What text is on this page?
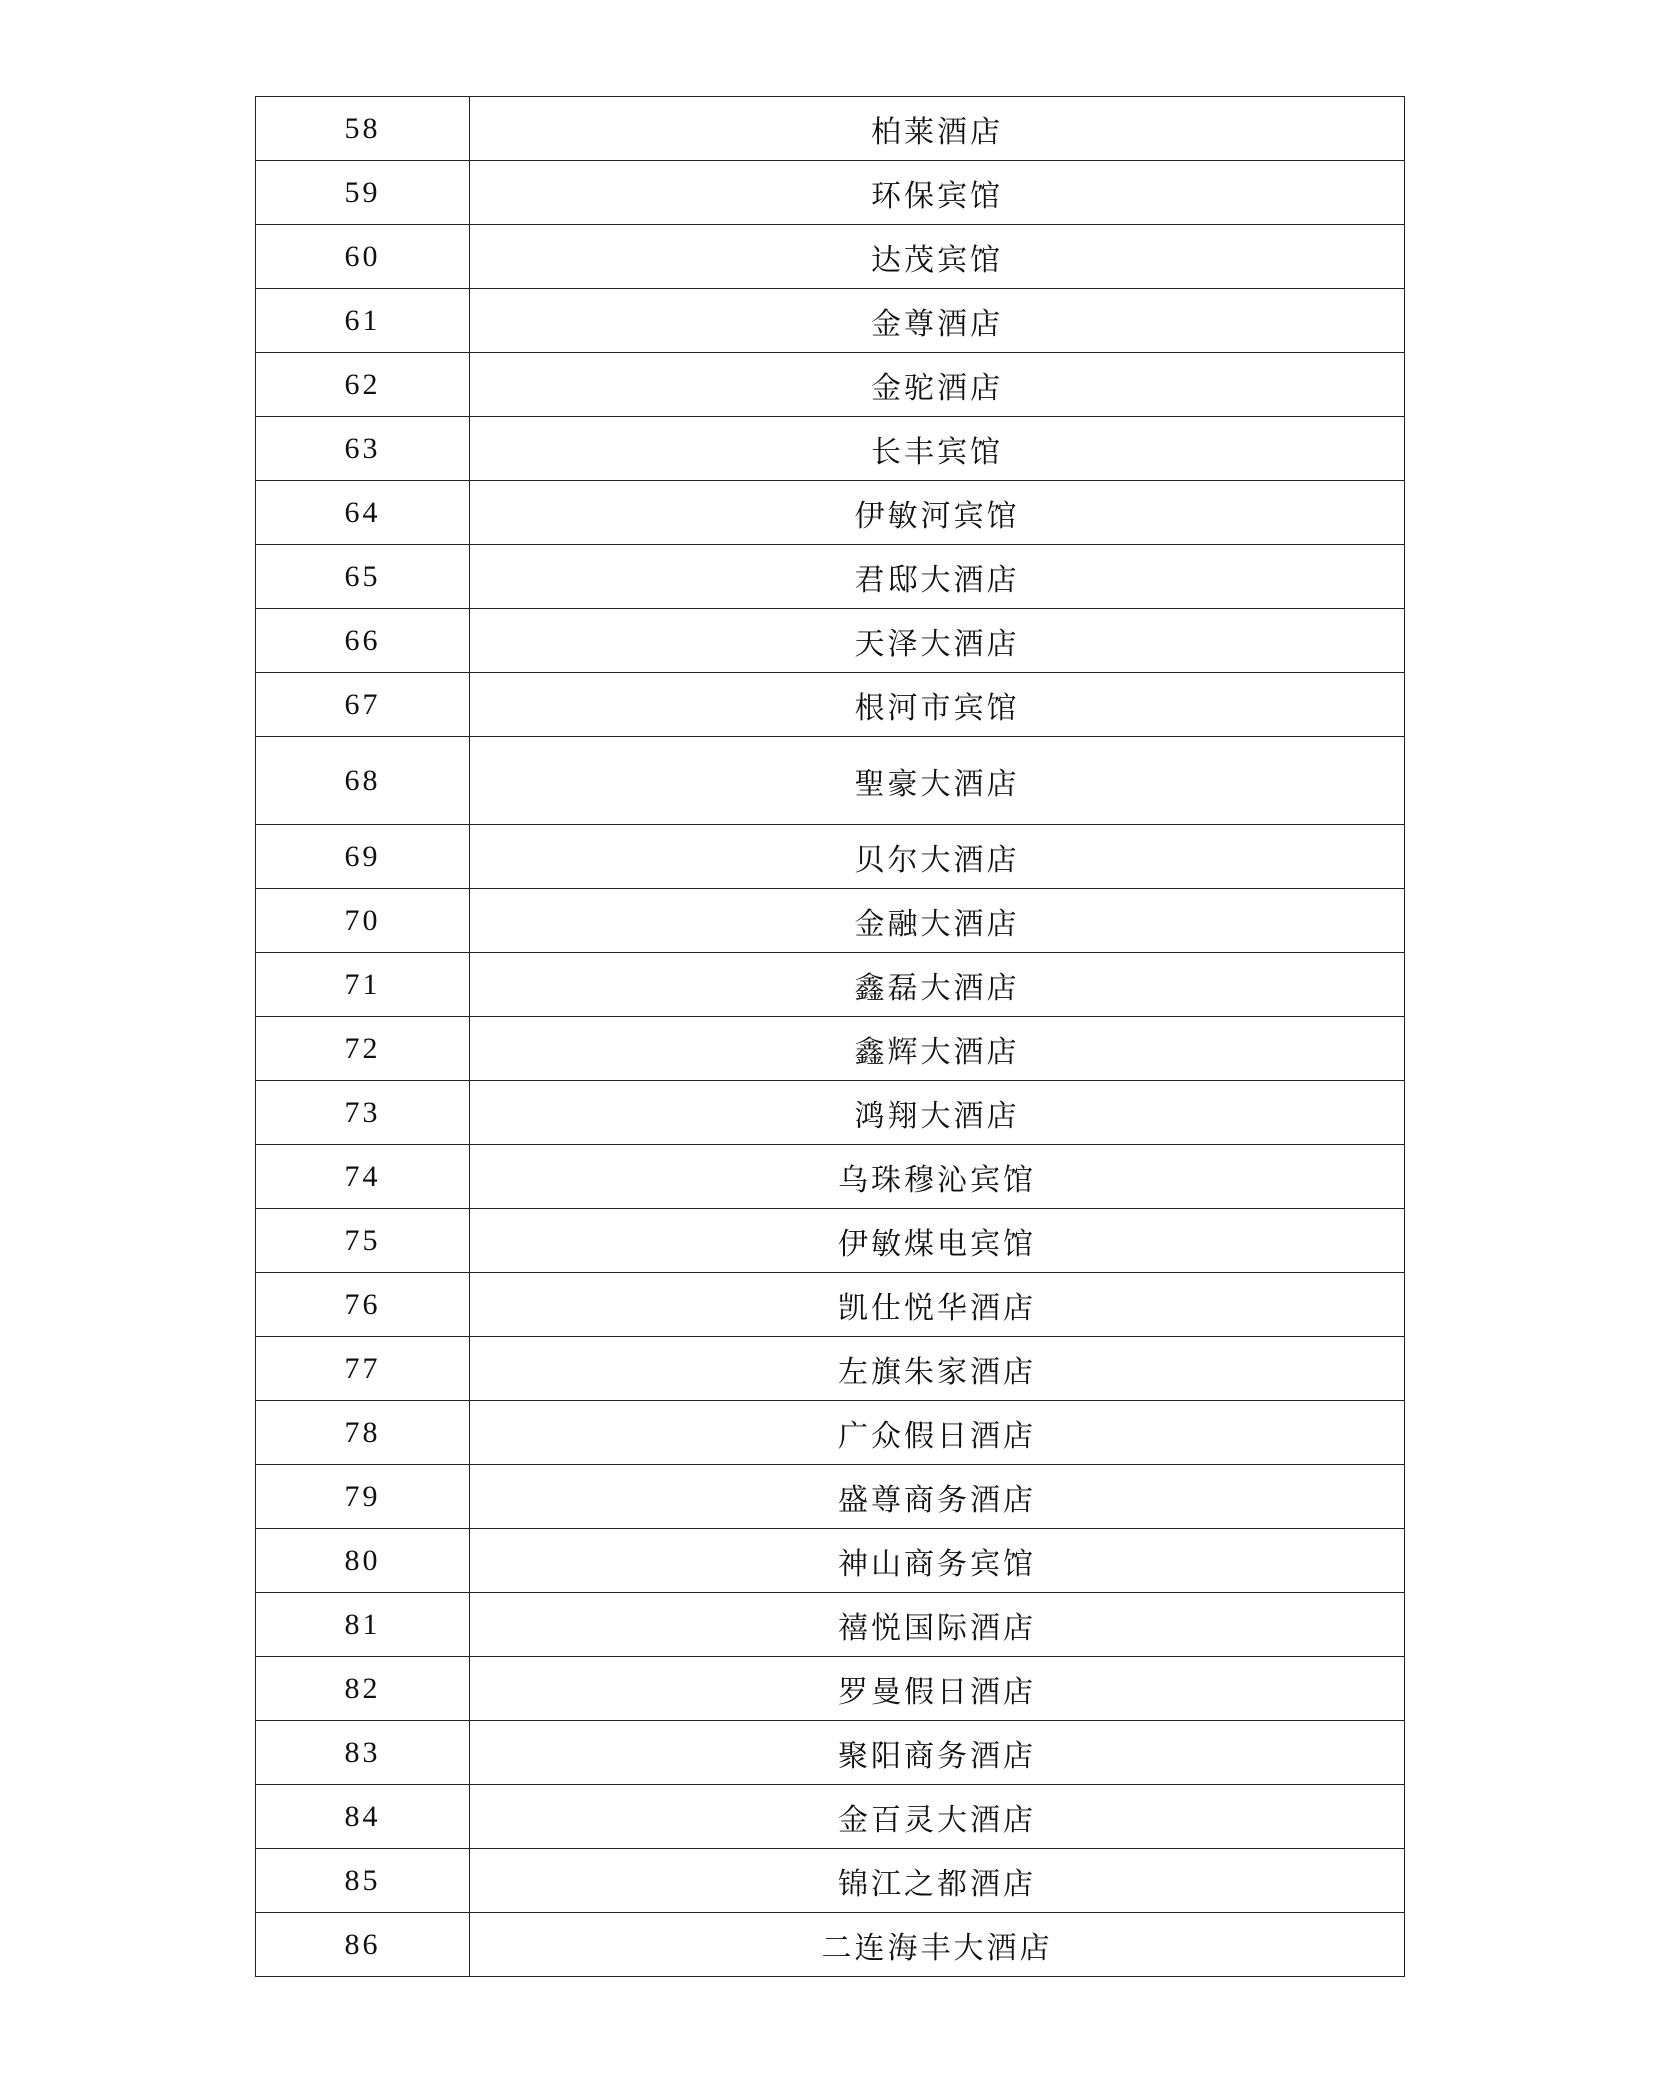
58	柏莱酒店
59	环保宾馆
60	达茂宾馆
61	金尊酒店
62	金驼酒店
63	长丰宾馆
64	伊敏河宾馆
65	君邸大酒店
66	天泽大酒店
67	根河市宾馆
68	聖豪大酒店
69	贝尔大酒店
70	金融大酒店
71	鑫磊大酒店
72	鑫辉大酒店
73	鸿翔大酒店
74	乌珠穆沁宾馆
75	伊敏煤电宾馆
76	凯仕悦华酒店
77	左旗朱家酒店
78	广众假日酒店
79	盛尊商务酒店
80	神山商务宾馆
81	禧悦国际酒店
82	罗曼假日酒店
83	聚阳商务酒店
84	金百灵大酒店
85	锦江之都酒店
86	二连海丰大酒店
